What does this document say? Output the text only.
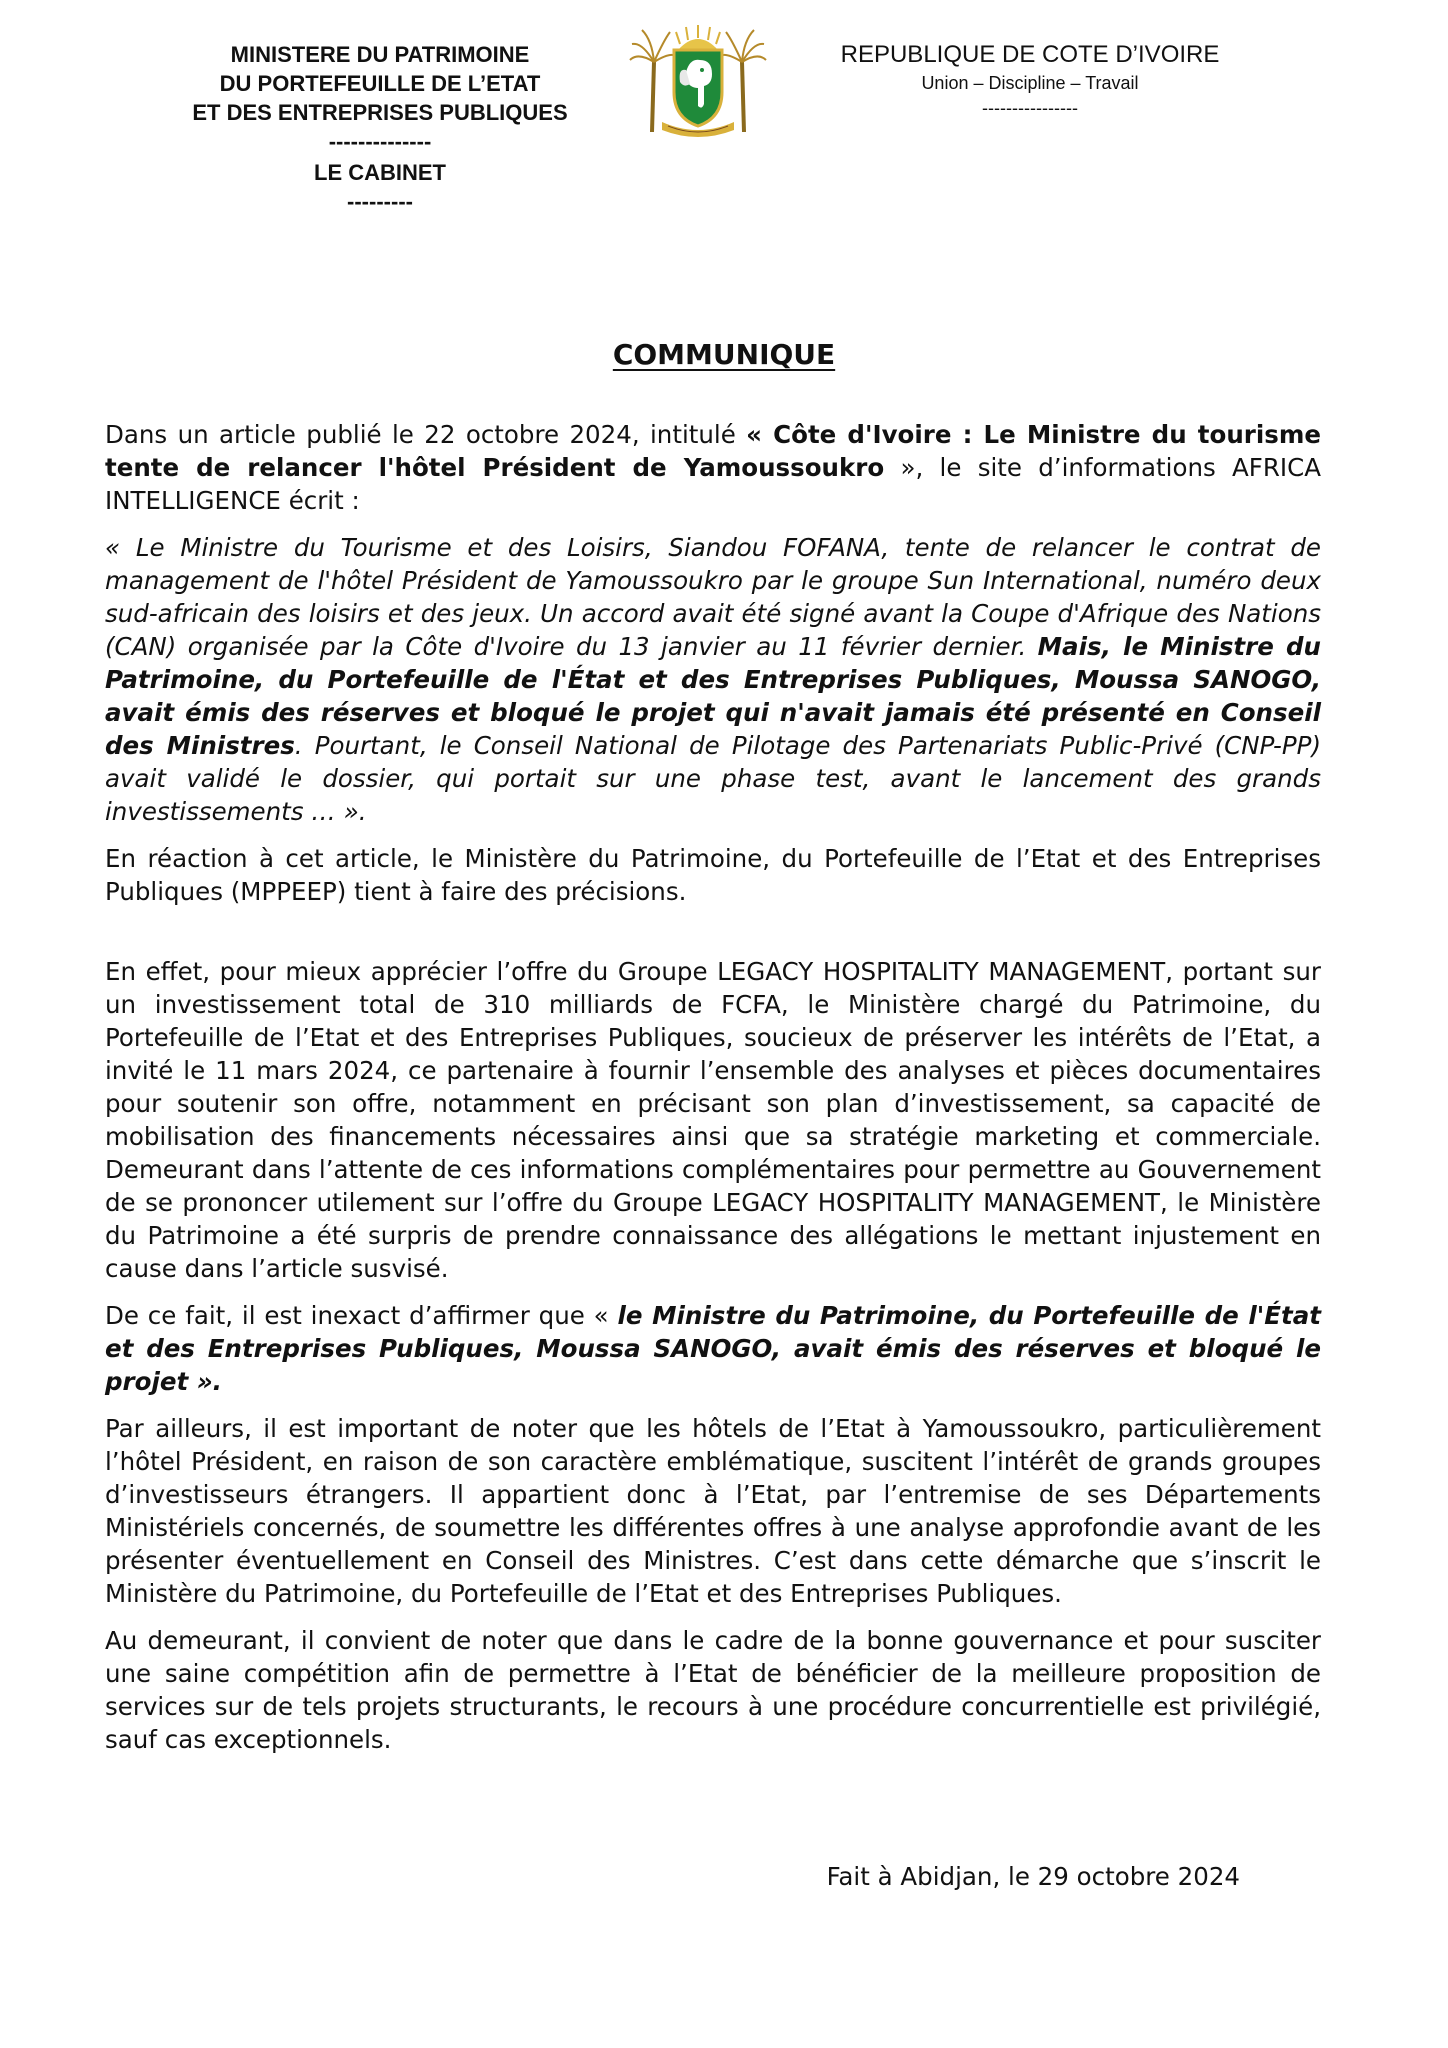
MINISTERE DU PATRIMOINE
DU PORTEFEUILLE DE L’ETAT
ET DES ENTREPRISES PUBLIQUES
--------------
LE CABINET
---------
REPUBLIQUE DE COTE D’IVOIRE
Union – Discipline – Travail
----------------
COMMUNIQUE

Dans un article publié le 22 octobre 2024, intitulé « Côte d'Ivoire : Le Ministre du tourisme tente de relancer l'hôtel Président de Yamoussoukro », le site d’informations AFRICA INTELLIGENCE écrit :

« Le Ministre du Tourisme et des Loisirs, Siandou FOFANA, tente de relancer le contrat de management de l'hôtel Président de Yamoussoukro par le groupe Sun International, numéro deux sud-africain des loisirs et des jeux. Un accord avait été signé avant la Coupe d'Afrique des Nations (CAN) organisée par la Côte d'Ivoire du 13 janvier au 11 février dernier. Mais, le Ministre du Patrimoine, du Portefeuille de l'État et des Entreprises Publiques, Moussa SANOGO, avait émis des réserves et bloqué le projet qui n'avait jamais été présenté en Conseil des Ministres. Pourtant, le Conseil National de Pilotage des Partenariats Public-Privé (CNP-PP) avait validé le dossier, qui portait sur une phase test, avant le lancement des grands investissements … ».

En réaction à cet article, le Ministère du Patrimoine, du Portefeuille de l’Etat et des Entreprises Publiques (MPPEEP) tient à faire des précisions.

En effet, pour mieux apprécier l’offre du Groupe LEGACY HOSPITALITY MANAGEMENT, portant sur un investissement total de 310 milliards de FCFA, le Ministère chargé du Patrimoine, du Portefeuille de l’Etat et des Entreprises Publiques, soucieux de préserver les intérêts de l’Etat, a invité le 11 mars 2024, ce partenaire à fournir l’ensemble des analyses et pièces documentaires pour soutenir son offre, notamment en précisant son plan d’investissement, sa capacité de mobilisation des financements nécessaires ainsi que sa stratégie marketing et commerciale. Demeurant dans l’attente de ces informations complémentaires pour permettre au Gouvernement de se prononcer utilement sur l’offre du Groupe LEGACY HOSPITALITY MANAGEMENT, le Ministère du Patrimoine a été surpris de prendre connaissance des allégations le mettant injustement en cause dans l’article susvisé.

De ce fait, il est inexact d’affirmer que « le Ministre du Patrimoine, du Portefeuille de l'État et des Entreprises Publiques, Moussa SANOGO, avait émis des réserves et bloqué le projet ».

Par ailleurs, il est important de noter que les hôtels de l’Etat à Yamoussoukro, particulièrement l’hôtel Président, en raison de son caractère emblématique, suscitent l’intérêt de grands groupes d’investisseurs étrangers. Il appartient donc à l’Etat, par l’entremise de ses Départements Ministériels concernés, de soumettre les différentes offres à une analyse approfondie avant de les présenter éventuellement en Conseil des Ministres. C’est dans cette démarche que s’inscrit le Ministère du Patrimoine, du Portefeuille de l’Etat et des Entreprises Publiques.

Au demeurant, il convient de noter que dans le cadre de la bonne gouvernance et pour susciter une saine compétition afin de permettre à l’Etat de bénéficier de la meilleure proposition de services sur de tels projets structurants, le recours à une procédure concurrentielle est privilégié, sauf cas exceptionnels.

Fait à Abidjan, le 29 octobre 2024
